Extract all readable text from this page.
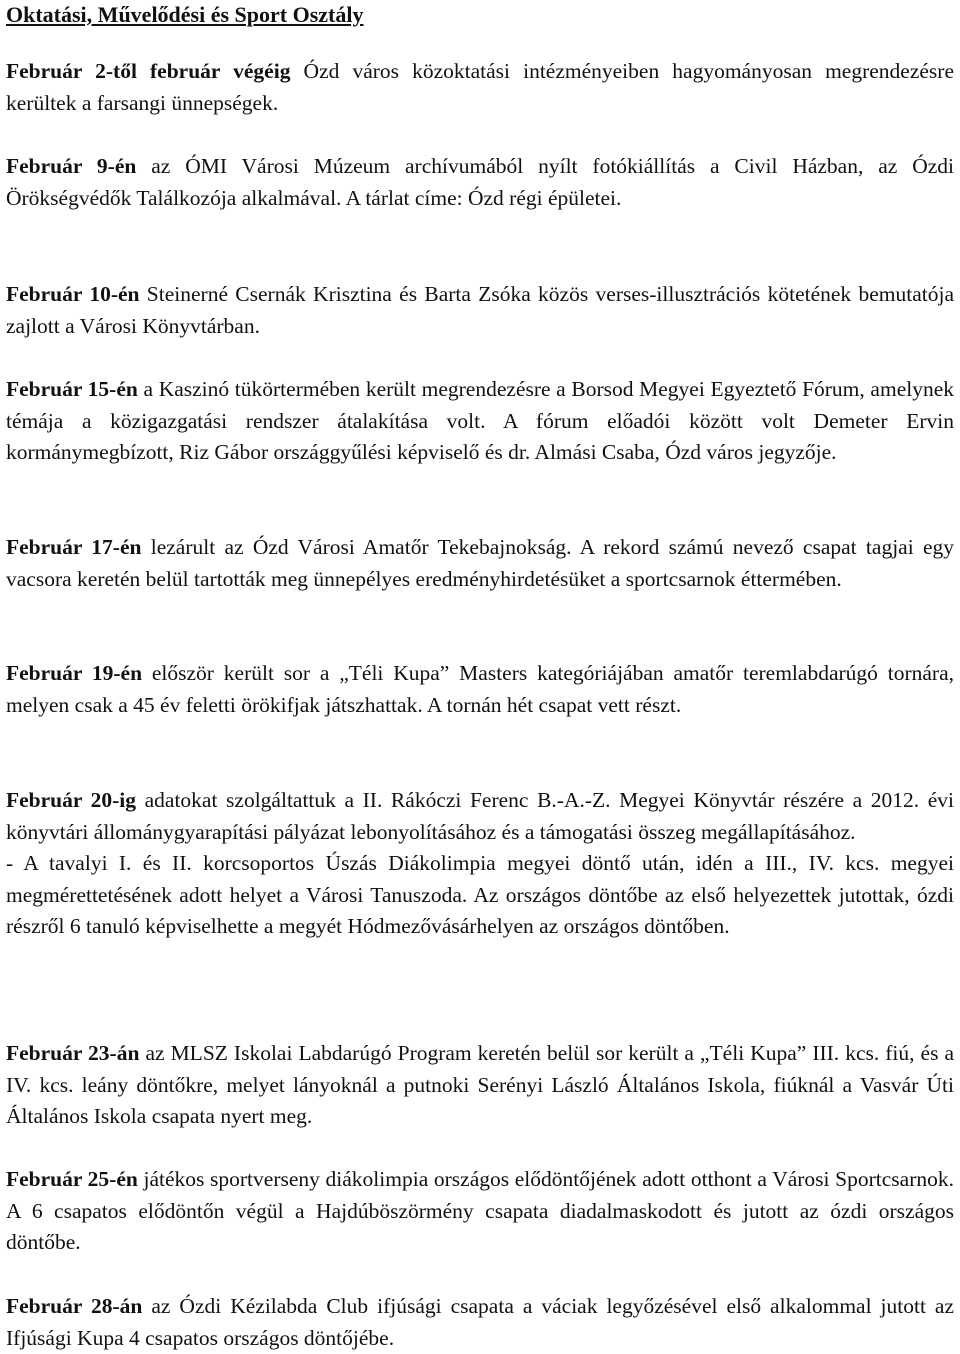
Oktatási, Művelődési és Sport Osztály
Február 2-től február végéig Ózd város közoktatási intézményeiben hagyományosan megrendezésre kerültek a farsangi ünnepségek.
Február 9-én az ÓMI Városi Múzeum archívumából nyílt fotókiállítás a Civil Házban, az Ózdi Örökségvédők Találkozója alkalmával. A tárlat címe: Ózd régi épületei.
Február 10-én Steinerné Csernák Krisztina és Barta Zsóka közös verses-illusztrációs kötetének bemutatója zajlott a Városi Könyvtárban.
Február 15-én a Kaszinó tükörtermében került megrendezésre a Borsod Megyei Egyeztető Fórum, amelynek témája a közigazgatási rendszer átalakítása volt. A fórum előadói között volt Demeter Ervin kormánymegbízott, Riz Gábor országgyűlési képviselő és dr. Almási Csaba, Ózd város jegyzője.
Február 17-én lezárult az Ózd Városi Amatőr Tekebajnokság. A rekord számú nevező csapat tagjai egy vacsora keretén belül tartották meg ünnepélyes eredményhirdetésüket a sportcsarnok éttermében.
Február 19-én először került sor a „Téli Kupa” Masters kategóriájában amatőr teremlabdarúgó tornára, melyen csak a 45 év feletti örökifjak játszhattak. A tornán hét csapat vett részt.
Február 20-ig adatokat szolgáltattuk a II. Rákóczi Ferenc B.-A.-Z. Megyei Könyvtár részére a 2012. évi könyvtári állománygyarapítási pályázat lebonyolításához és a támogatási összeg megállapításához.
- A tavalyi I. és II. korcsoportos Úszás Diákolimpia megyei döntő után, idén a III., IV. kcs. megyei megmérettetésének adott helyet a Városi Tanuszoda. Az országos döntőbe az első helyezettek jutottak, ózdi részről 6 tanuló képviselhette a megyét Hódmezővásárhelyen az országos döntőben.
Február 23-án az MLSZ Iskolai Labdarúgó Program keretén belül sor került a „Téli Kupa” III. kcs. fiú, és a IV. kcs. leány döntőkre, melyet lányoknál a putnoki Serényi László Általános Iskola, fiúknál a Vasvár Úti Általános Iskola csapata nyert meg.
Február 25-én játékos sportverseny diákolimpia országos elődöntőjének adott otthont a Városi Sportcsarnok. A 6 csapatos elődöntőn végül a Hajdúböszörmény csapata diadalmaskodott és jutott az ózdi országos döntőbe.
Február 28-án az Ózdi Kézilabda Club ifjúsági csapata a váciak legyőzésével első alkalommal jutott az Ifjúsági Kupa 4 csapatos országos döntőjébe.
